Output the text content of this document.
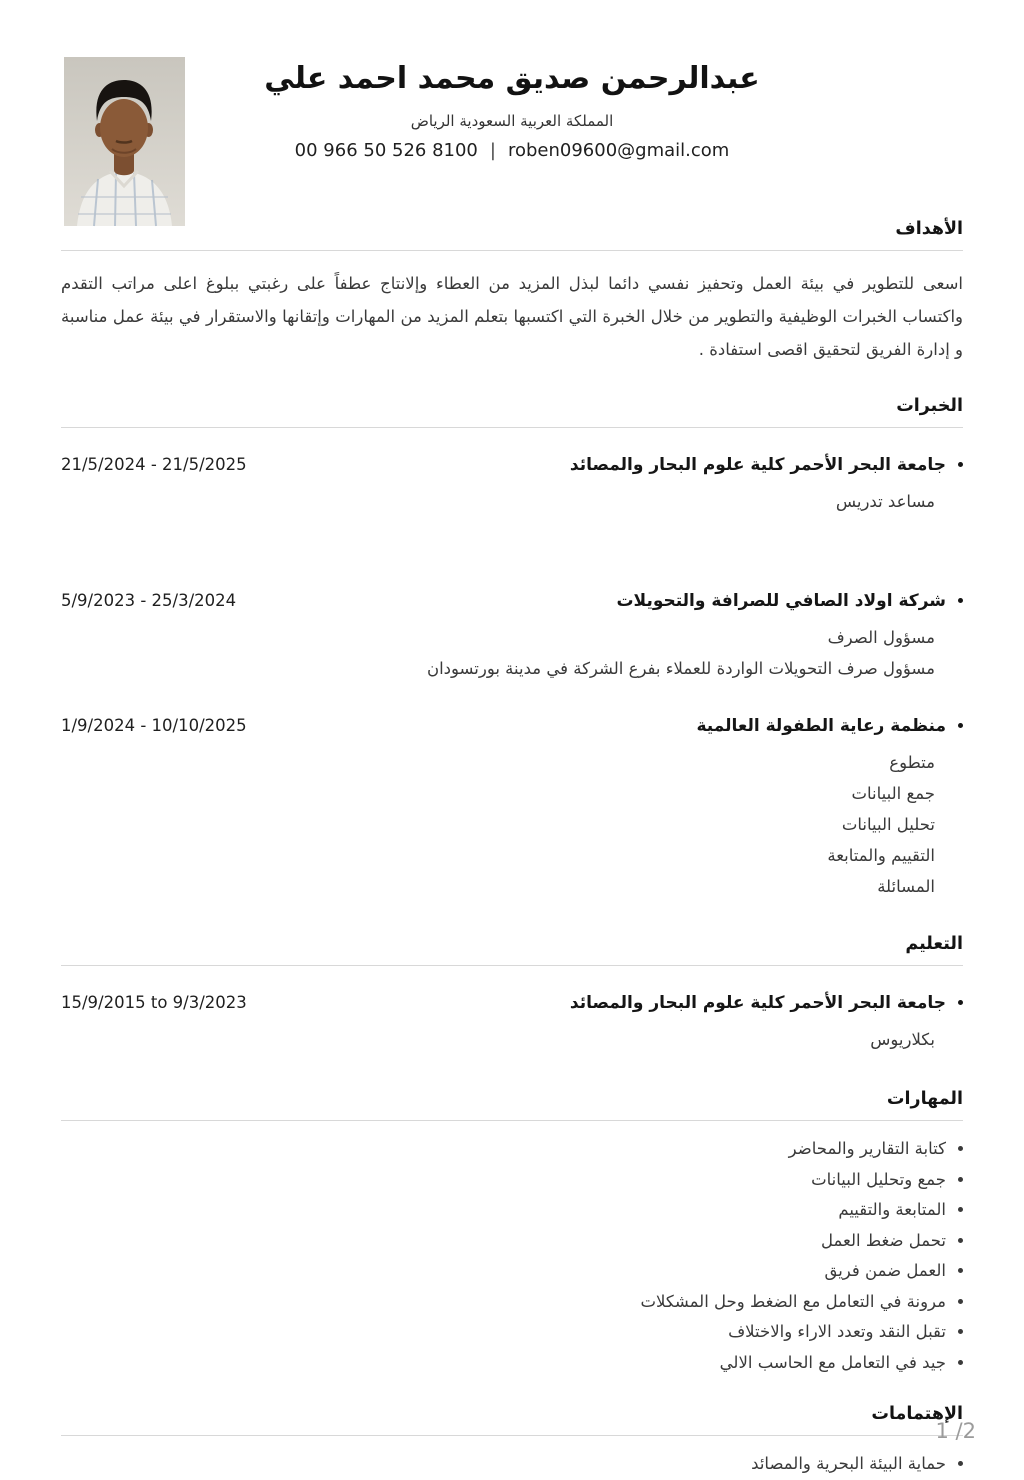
عبدالرحمن صديق محمد احمد علي
المملكة العربية السعودية الرياض
00 966 50 526 8100 | roben09600@gmail.com
الأهداف

اسعى للتطوير في بيئة العمل وتحفيز نفسي دائما لبذل المزيد من العطاء وإلانتاج عطفاً على رغبتي ببلوغ اعلى مراتب التقدم واكتساب الخبرات الوظيفية والتطوير من خلال الخبرة التي اكتسبها بتعلم المزيد من المهارات وإتقانها والاستقرار في بيئة عمل مناسبة و إدارة الفريق لتحقيق اقصى استفادة .

الخبرات
21/5/2024 - 21/5/2025	• جامعة البحر الأحمر كلية علوم البحار والمصائد
مساعد تدريس
5/9/2023 - 25/3/2024	• شركة اولاد الصافي للصرافة والتحويلات
مسؤول الصرف
مسؤول صرف التحويلات الواردة للعملاء بفرع الشركة في مدينة بورتسودان
1/9/2024 - 10/10/2025	• منظمة رعاية الطفولة العالمية
متطوع
جمع البيانات
تحليل البيانات
التقييم والمتابعة
المسائلة
التعليم
15/9/2015 to 9/3/2023	• جامعة البحر الأحمر كلية علوم البحار والمصائد
بكلاريوس
المهارات
• كتابة التقارير والمحاضر
• جمع وتحليل البيانات
• المتابعة والتقييم
• تحمل ضغط العمل
• العمل ضمن فريق
• مرونة في التعامل مع الضغط وحل المشكلات
• تقبل النقد وتعدد الاراء والاختلاف
• جيد في التعامل مع الحاسب الالي
الإهتمامات
• حماية البيئة البحرية والمصائد
1 /2
